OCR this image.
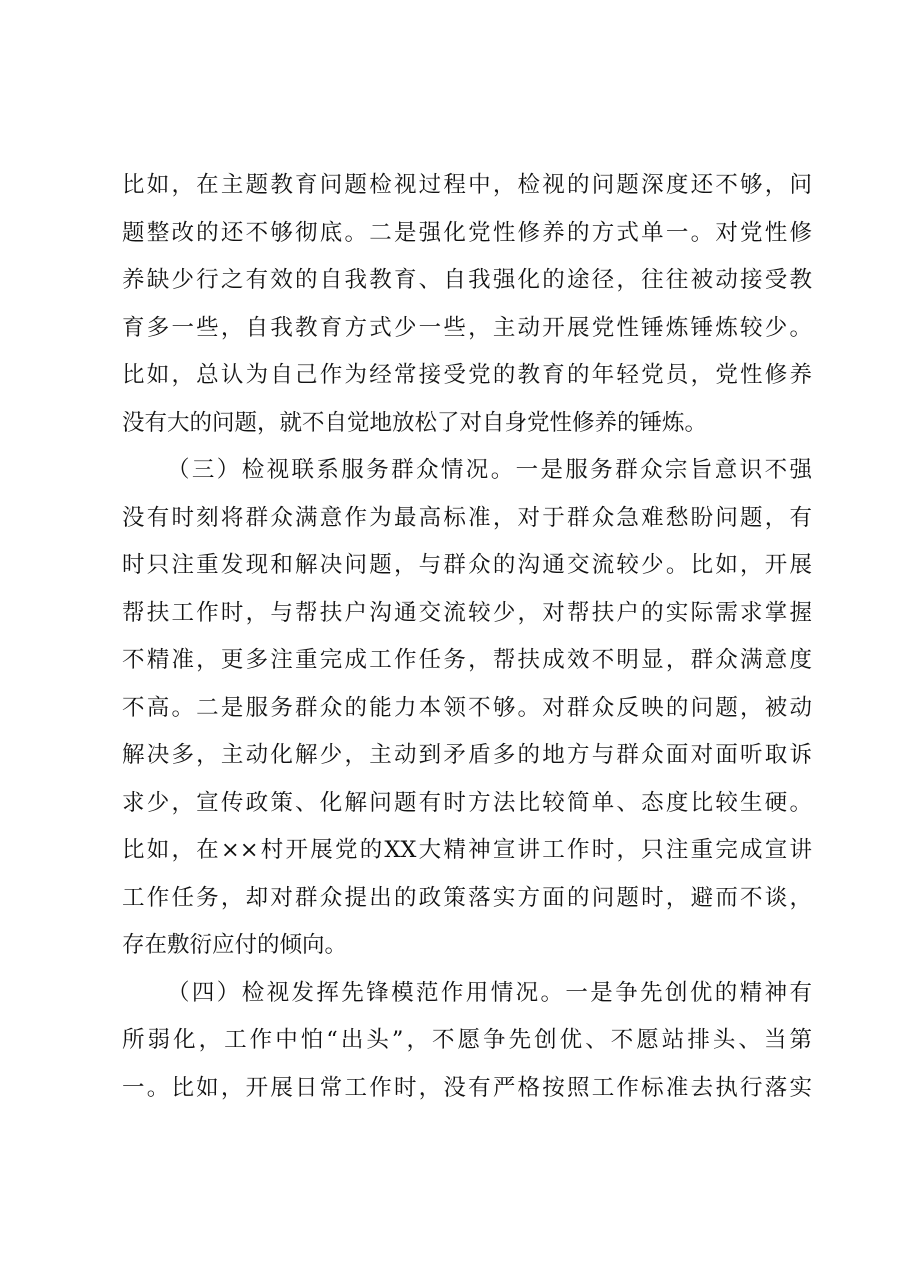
比如，在主题教育问题检视过程中，检视的问题深度还不够，问
题整改的还不够彻底。二是强化党性修养的方式单一。对党性修
养缺少行之有效的自我教育、自我强化的途径，往往被动接受教
育多一些，自我教育方式少一些，主动开展党性锤炼锤炼较少。
比如，总认为自己作为经常接受党的教育的年轻党员，党性修养
没有大的问题，就不自觉地放松了对自身党性修养的锤炼。
（三）检视联系服务群众情况。一是服务群众宗旨意识不强
没有时刻将群众满意作为最高标准，对于群众急难愁盼问题，有
时只注重发现和解决问题，与群众的沟通交流较少。比如，开展
帮扶工作时，与帮扶户沟通交流较少，对帮扶户的实际需求掌握
不精准，更多注重完成工作任务，帮扶成效不明显，群众满意度
不高。二是服务群众的能力本领不够。对群众反映的问题，被动
解决多，主动化解少，主动到矛盾多的地方与群众面对面听取诉
求少，宣传政策、化解问题有时方法比较简单、态度比较生硬。
比如，在××村开展党的XX大精神宣讲工作时，只注重完成宣讲
工作任务，却对群众提出的政策落实方面的问题时，避而不谈，
存在敷衍应付的倾向。
（四）检视发挥先锋模范作用情况。一是争先创优的精神有
所弱化，工作中怕“出头”，不愿争先创优、不愿站排头、当第
一。比如，开展日常工作时，没有严格按照工作标准去执行落实
